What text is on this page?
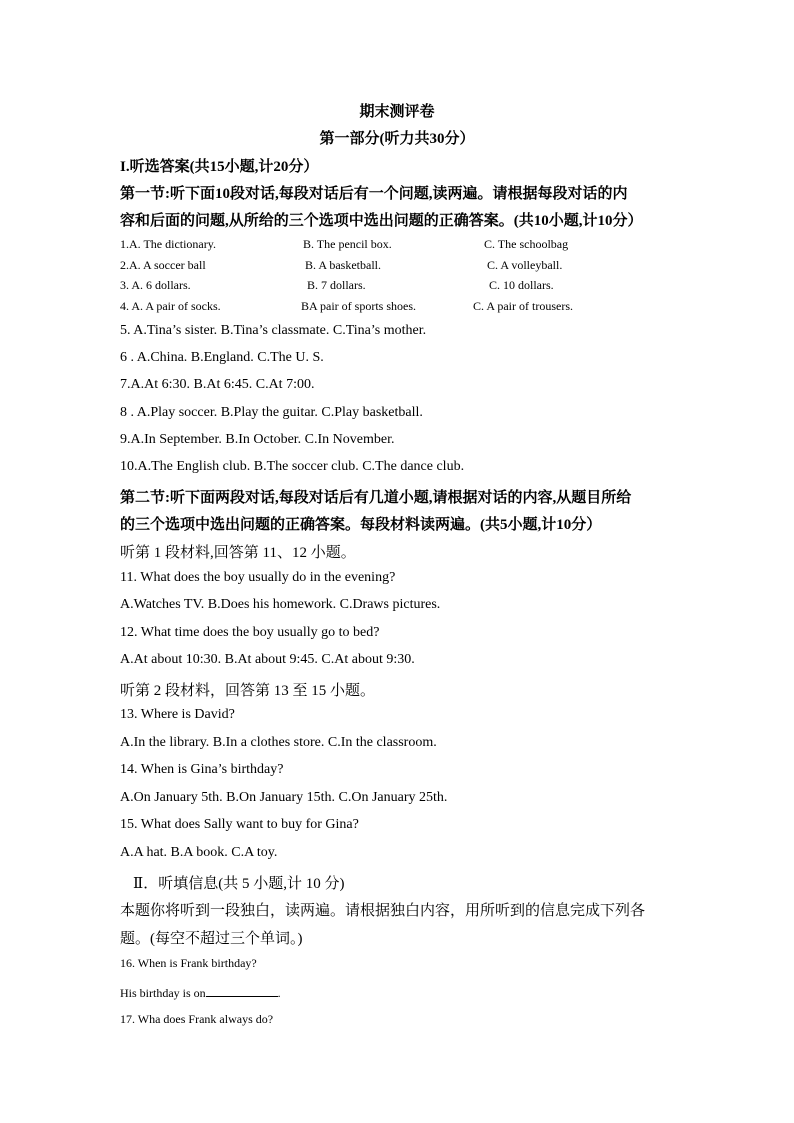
期末测评卷
第一部分(听力共30分）
I.听选答案(共15小题,计20分）
第一节:听下面10段对话,每段对话后有一个问题,读两遍。请根据每段对话的内
容和后面的问题,从所给的三个选项中选出问题的正确答案。(共10小题,计10分）
1.A. The dictionary.	B. The pencil box.	C. The schoolbag
2.A. A soccer ball	B. A basketball.	C. A volleyball.
3. A. 6 dollars.	B. 7 dollars.	C. 10 dollars.
4. A. A pair of socks.	BA pair of sports shoes.	C. A pair of trousers.
5. A.Tina’s sister. B.Tina’s classmate. C.Tina’s mother.
6 . A.China. B.England. C.The U. S.
7.A.At 6:30. B.At 6:45. C.At 7:00.
8 . A.Play soccer. B.Play the guitar. C.Play basketball.
9.A.In September. B.In October. C.In November.
10.A.The English club. B.The soccer club. C.The dance club.
第二节:听下面两段对话,每段对话后有几道小题,请根据对话的内容,从题目所给
的三个选项中选出问题的正确答案。每段材料读两遍。(共5小题,计10分）
听第 1 段材料,回答第 11、12 小题。
11. What does the boy usually do in the evening?
A.Watches TV. B.Does his homework. C.Draws pictures.
12. What time does the boy usually go to bed?
A.At about 10:30. B.At about 9:45. C.At about 9:30.
听第 2 段材料，回答第 13 至 15 小题。
13. Where is David?
A.In the library. B.In a clothes store. C.In the classroom.
14. When is Gina’s birthday?
A.On January 5th. B.On January 15th. C.On January 25th.
15. What does Sally want to buy for Gina?
A.A hat. B.A book. C.A toy.
Ⅱ．听填信息(共 5 小题,计 10 分)
本题你将听到一段独白，读两遍。请根据独白内容，用所听到的信息完成下列各
题。(每空不超过三个单词。)
16. When is Frank birthday?
His birthday is on	.
17. Wha does Frank always do?
